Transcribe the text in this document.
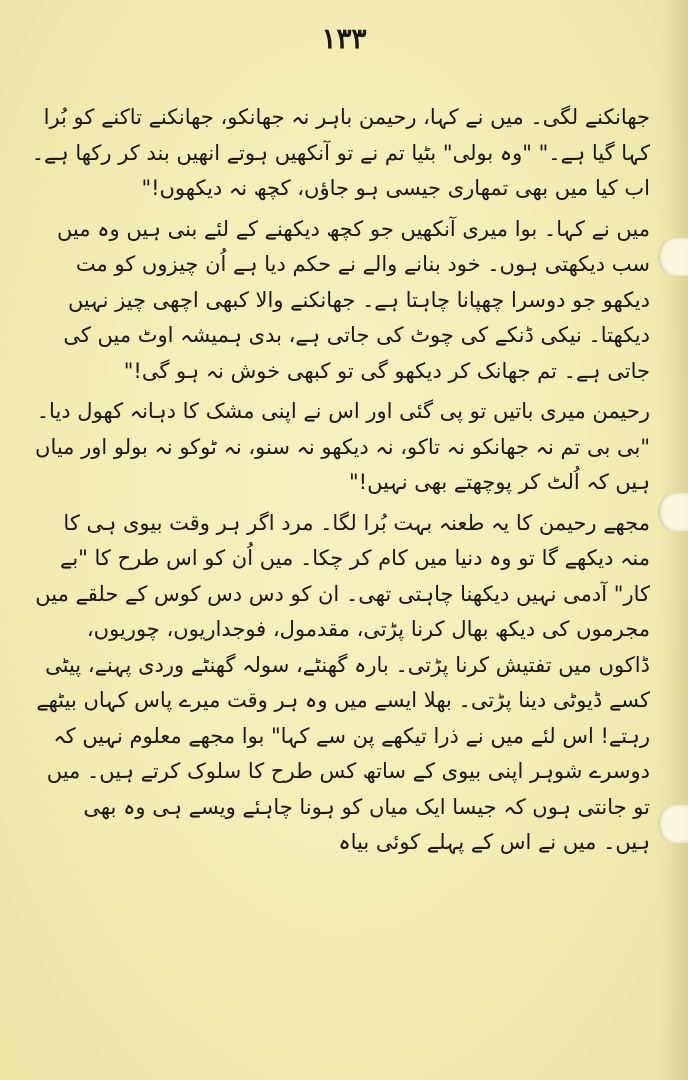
۱۳۳

جھانکنے لگی۔ میں نے کہا، رحیمن باہر نہ جھانکو، جھانکنے تاکنے کو بُرا کہا گیا ہے۔" "وہ بولی" بٹیا تم نے تو آنکھیں ہوتے انھیں بند کر رکھا ہے۔ اب کیا میں بھی تمھاری جیسی ہو جاؤں، کچھ نہ دیکھوں!"

میں نے کہا۔ بوا میری آنکھیں جو کچھ دیکھنے کے لئے بنی ہیں وہ میں سب دیکھتی ہوں۔ خود بنانے والے نے حکم دیا ہے اُن چیزوں کو مت دیکھو جو دوسرا چھپانا چاہتا ہے۔ جھانکنے والا کبھی اچھی چیز نہیں دیکھتا۔ نیکی ڈنکے کی چوٹ کی جاتی ہے، بدی ہمیشہ اوٹ میں کی جاتی ہے۔ تم جھانک کر دیکھو گی تو کبھی خوش نہ ہو گی!"

رحیمن میری باتیں تو پی گئی اور اس نے اپنی مشک کا دہانہ کھول دیا۔ "بی بی تم نہ جھانکو نہ تاکو، نہ دیکھو نہ سنو، نہ ٹوکو نہ بولو اور میاں ہیں کہ اُلٹ کر پوچھتے بھی نہیں!"

مجھے رحیمن کا یہ طعنہ بہت بُرا لگا۔ مرد اگر ہر وقت بیوی ہی کا منہ دیکھے گا تو وہ دنیا میں کام کر چکا۔ میں اُن کو اس طرح کا "بے کار" آدمی نہیں دیکھنا چاہتی تھی۔ ان کو دس دس کوس کے حلقے میں مجرموں کی دیکھ بھال کرنا پڑتی، مقدمول، فوجداریوں، چوریوں، ڈاکوں میں تفتیش کرنا پڑتی۔ بارہ گھنٹے، سولہ گھنٹے وردی پہنے، پیٹی کسے ڈیوٹی دینا پڑتی۔ بھلا ایسے میں وہ ہر وقت میرے پاس کہاں بیٹھے رہتے! اس لئے میں نے ذرا تیکھے پن سے کہا" بوا مجھے معلوم نہیں کہ دوسرے شوہر اپنی بیوی کے ساتھ کس طرح کا سلوک کرتے ہیں۔ میں تو جانتی ہوں کہ جیسا ایک میاں کو ہونا چاہئے ویسے ہی وہ بھی ہیں۔ میں نے اس کے پہلے کوئی بیاہ
